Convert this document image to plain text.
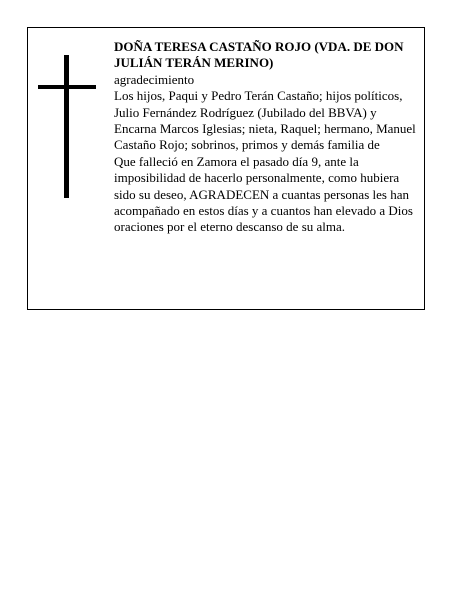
DOÑA TERESA CASTAÑO ROJO (VDA. DE DON JULIÁN TERÁN MERINO)
agradecimiento
Los hijos, Paqui y Pedro Terán Castaño; hijos políticos, Julio Fernández Rodríguez (Jubilado del BBVA) y Encarna Marcos Iglesias; nieta, Raquel; hermano, Manuel Castaño Rojo; sobrinos, primos y demás familia de
Que falleció en Zamora el pasado día 9, ante la imposibilidad de hacerlo personalmente, como hubiera sido su deseo, AGRADECEN a cuantas personas les han acompañado en estos días y a cuantos han elevado a Dios oraciones por el eterno descanso de su alma.
